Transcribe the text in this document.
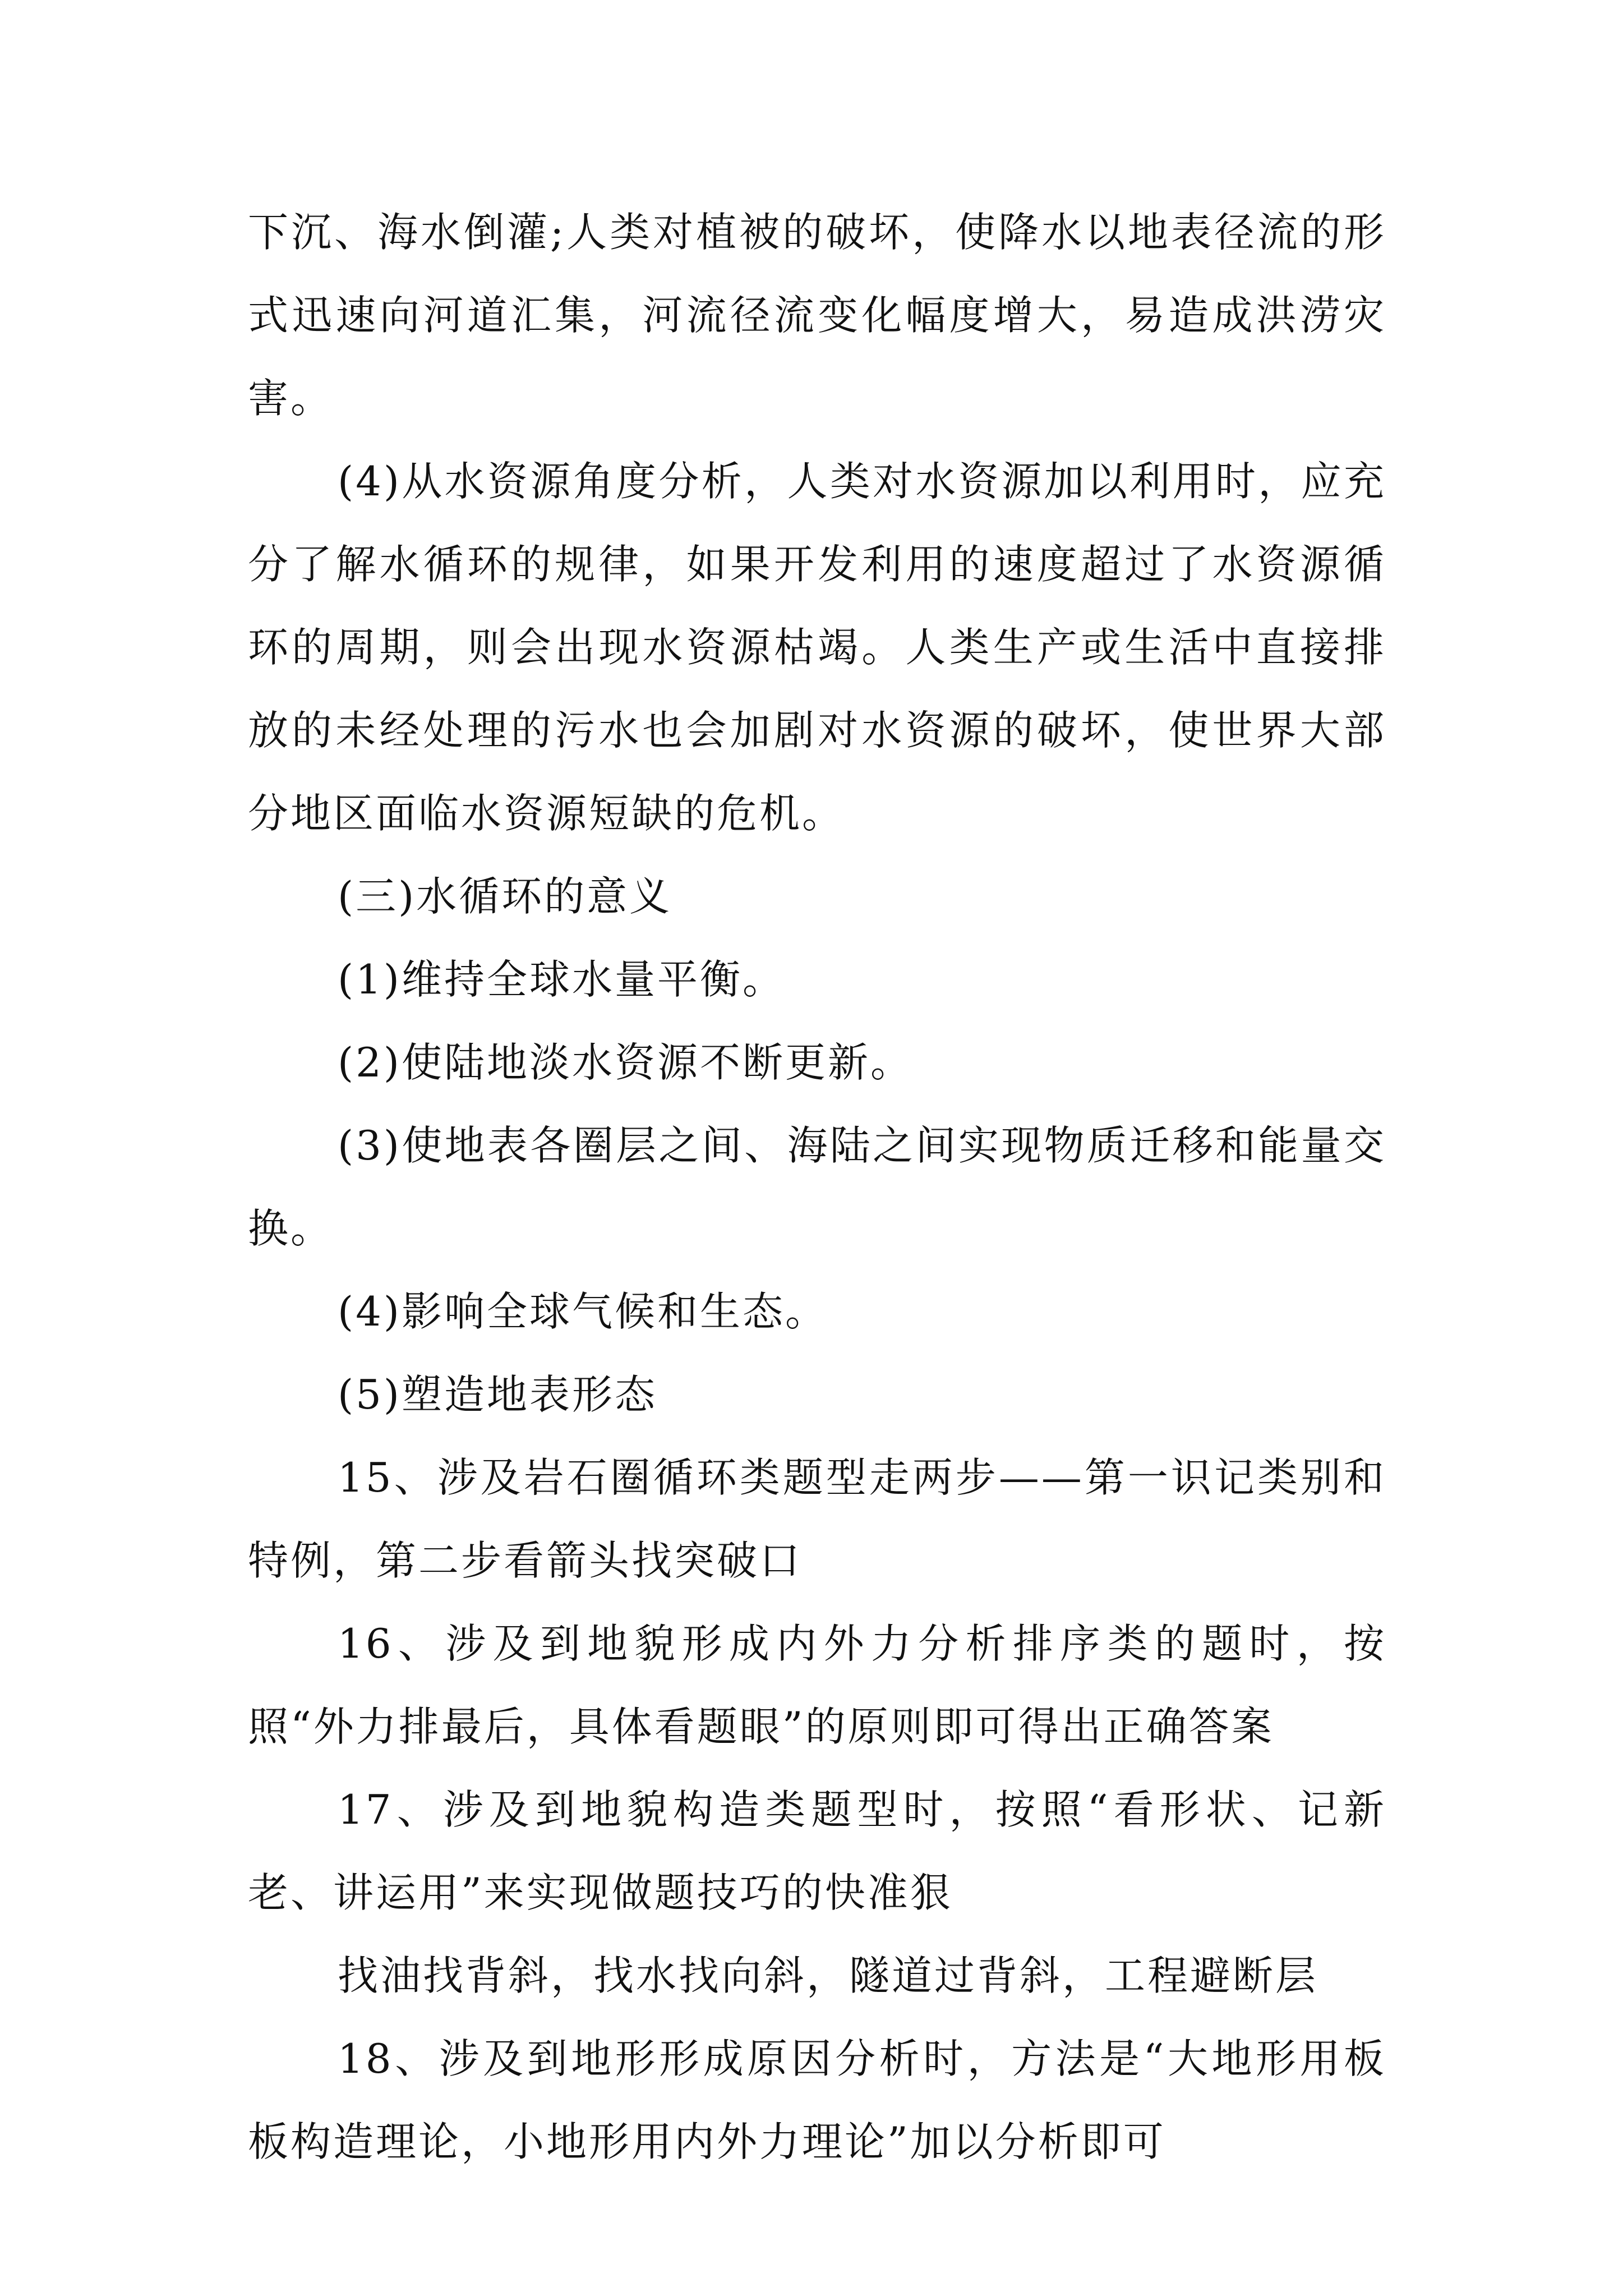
下沉、海水倒灌;人类对植被的破坏，使降水以地表径流的形式迅速向河道汇集，河流径流变化幅度增大，易造成洪涝灾害。

(4)从水资源角度分析，人类对水资源加以利用时，应充分了解水循环的规律，如果开发利用的速度超过了水资源循环的周期，则会出现水资源枯竭。人类生产或生活中直接排放的未经处理的污水也会加剧对水资源的破坏，使世界大部分地区面临水资源短缺的危机。

(三)水循环的意义

(1)维持全球水量平衡。

(2)使陆地淡水资源不断更新。

(3)使地表各圈层之间、海陆之间实现物质迁移和能量交换。

(4)影响全球气候和生态。

(5)塑造地表形态

15、涉及岩石圈循环类题型走两步——第一识记类别和特例，第二步看箭头找突破口

16、涉及到地貌形成内外力分析排序类的题时，按照“外力排最后，具体看题眼”的原则即可得出正确答案

17、涉及到地貌构造类题型时，按照“看形状、记新老、讲运用”来实现做题技巧的快准狠

找油找背斜，找水找向斜，隧道过背斜，工程避断层

18、涉及到地形形成原因分析时，方法是“大地形用板板构造理论，小地形用内外力理论”加以分析即可
